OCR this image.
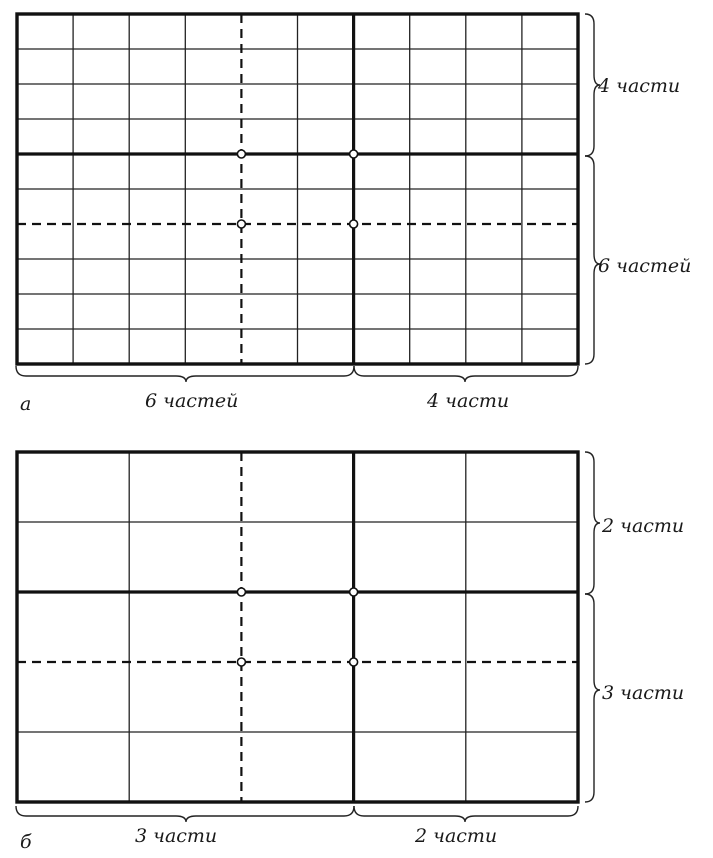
4 части
6 частей
6 частей	4 части
а
2 части
3 части
3 части	2 части
б
